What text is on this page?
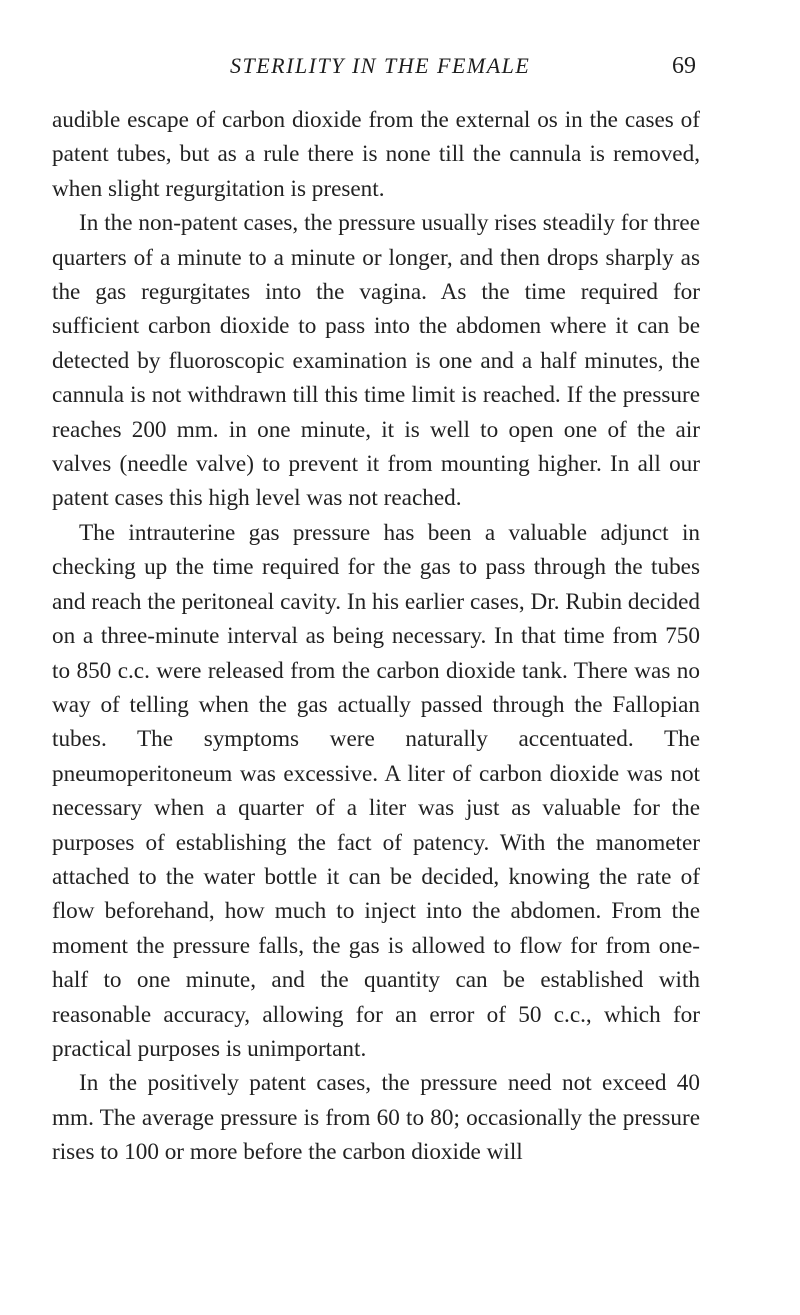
STERILITY IN THE FEMALE	69

audible escape of carbon dioxide from the external os in the cases of patent tubes, but as a rule there is none till the cannula is removed, when slight regurgitation is present.

In the non-patent cases, the pressure usually rises steadily for three quarters of a minute to a minute or longer, and then drops sharply as the gas regurgitates into the vagina. As the time required for sufficient carbon dioxide to pass into the abdomen where it can be detected by fluoroscopic examination is one and a half minutes, the cannula is not withdrawn till this time limit is reached. If the pressure reaches 200 mm. in one minute, it is well to open one of the air valves (needle valve) to prevent it from mounting higher. In all our patent cases this high level was not reached.

The intrauterine gas pressure has been a valuable adjunct in checking up the time required for the gas to pass through the tubes and reach the peritoneal cavity. In his earlier cases, Dr. Rubin decided on a three-minute interval as being necessary. In that time from 750 to 850 c.c. were released from the carbon dioxide tank. There was no way of telling when the gas actually passed through the Fallopian tubes. The symptoms were naturally accentuated. The pneumoperitoneum was excessive. A liter of carbon dioxide was not necessary when a quarter of a liter was just as valuable for the purposes of establishing the fact of patency. With the manometer attached to the water bottle it can be decided, knowing the rate of flow beforehand, how much to inject into the abdomen. From the moment the pressure falls, the gas is allowed to flow for from one-half to one minute, and the quantity can be established with reasonable accuracy, allowing for an error of 50 c.c., which for practical purposes is unimportant.

In the positively patent cases, the pressure need not exceed 40 mm. The average pressure is from 60 to 80; occasionally the pressure rises to 100 or more before the carbon dioxide will
